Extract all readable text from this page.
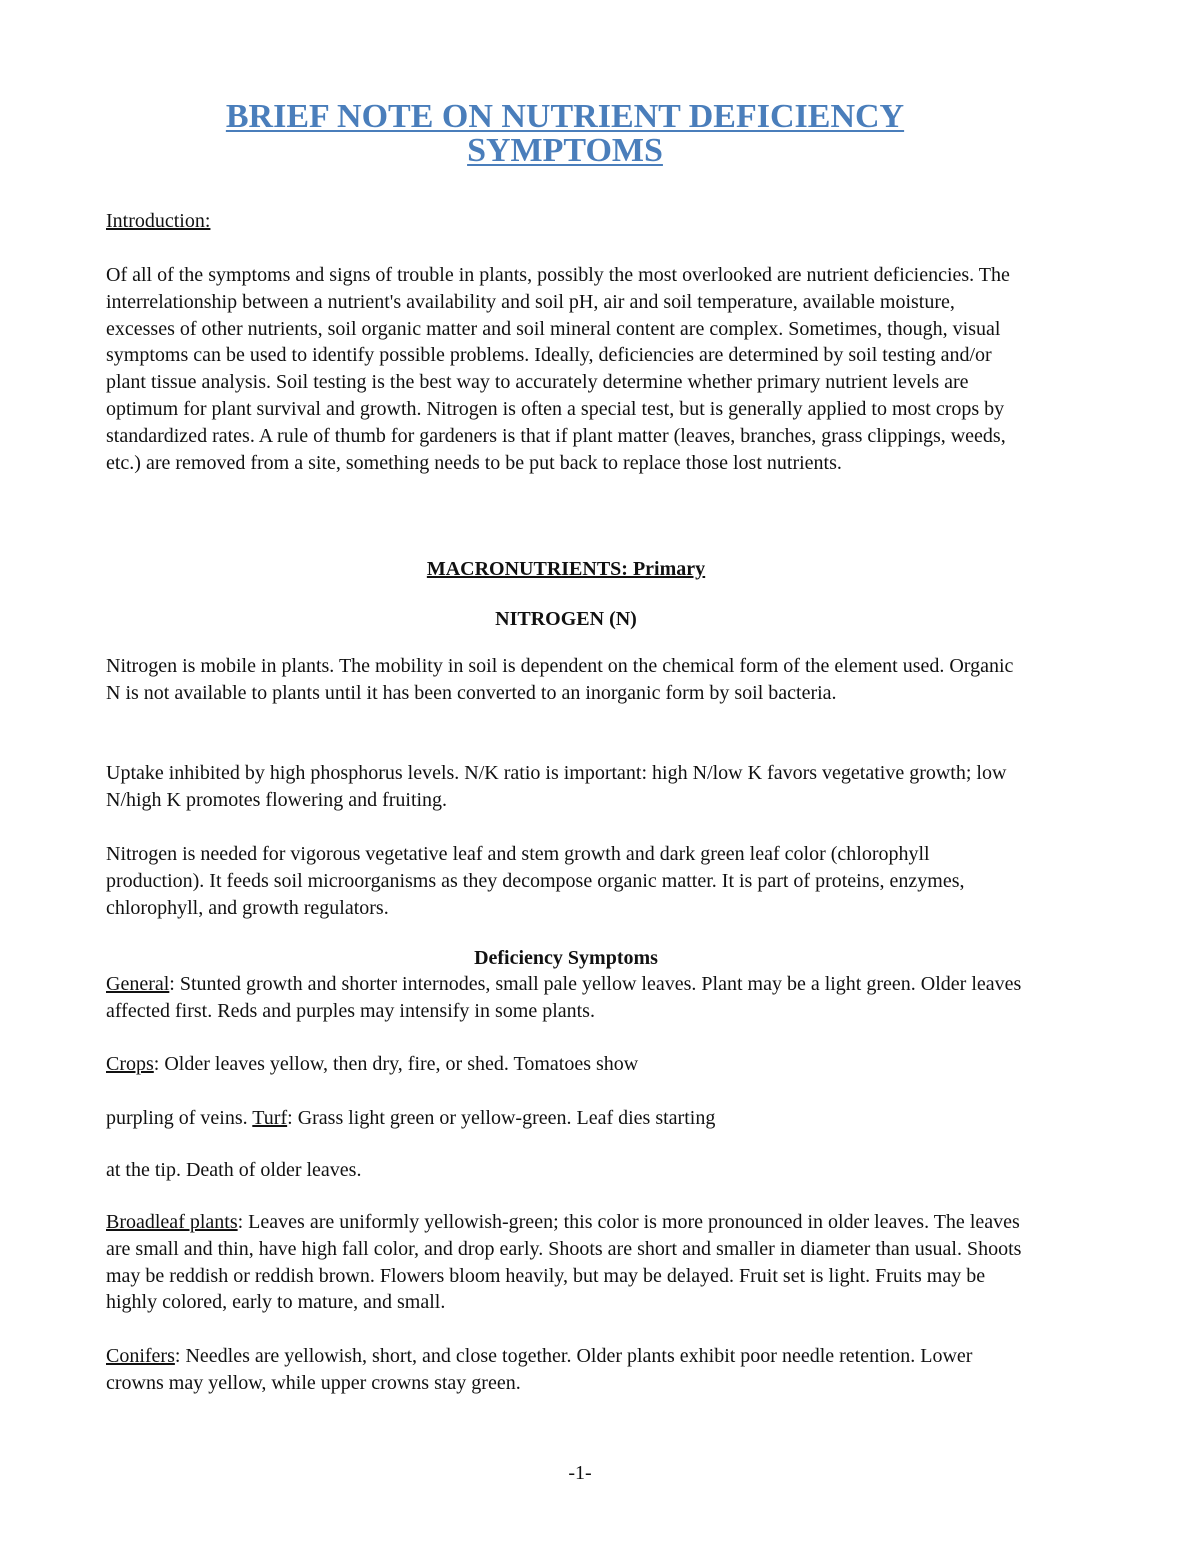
BRIEF NOTE ON NUTRIENT DEFICIENCY
SYMPTOMS

Introduction:

Of all of the symptoms and signs of trouble in plants, possibly the most overlooked are nutrient deficiencies. The interrelationship between a nutrient's availability and soil pH, air and soil temperature, available moisture, excesses of other nutrients, soil organic matter and soil mineral content are complex. Sometimes, though, visual symptoms can be used to identify possible problems. Ideally, deficiencies are determined by soil testing and/or plant tissue analysis. Soil testing is the best way to accurately determine whether primary nutrient levels are optimum for plant survival and growth. Nitrogen is often a special test, but is generally applied to most crops by standardized rates. A rule of thumb for gardeners is that if plant matter (leaves, branches, grass clippings, weeds, etc.) are removed from a site, something needs to be put back to replace those lost nutrients.

MACRONUTRIENTS: Primary

NITROGEN (N)

Nitrogen is mobile in plants. The mobility in soil is dependent on the chemical form of the element used. Organic N is not available to plants until it has been converted to an inorganic form by soil bacteria.

Uptake inhibited by high phosphorus levels. N/K ratio is important: high N/low K favors vegetative growth; low N/high K promotes flowering and fruiting.

Nitrogen is needed for vigorous vegetative leaf and stem growth and dark green leaf color (chlorophyll production). It feeds soil microorganisms as they decompose organic matter. It is part of proteins, enzymes, chlorophyll, and growth regulators.

Deficiency Symptoms

General: Stunted growth and shorter internodes, small pale yellow leaves. Plant may be a light green. Older leaves affected first. Reds and purples may intensify in some plants.

Crops: Older leaves yellow, then dry, fire, or shed. Tomatoes show

purpling of veins. Turf: Grass light green or yellow-green. Leaf dies starting

at the tip. Death of older leaves.

Broadleaf plants: Leaves are uniformly yellowish-green; this color is more pronounced in older leaves. The leaves are small and thin, have high fall color, and drop early. Shoots are short and smaller in diameter than usual. Shoots may be reddish or reddish brown. Flowers bloom heavily, but may be delayed. Fruit set is light. Fruits may be highly colored, early to mature, and small.

Conifers: Needles are yellowish, short, and close together. Older plants exhibit poor needle retention. Lower crowns may yellow, while upper crowns stay green.

-1-
